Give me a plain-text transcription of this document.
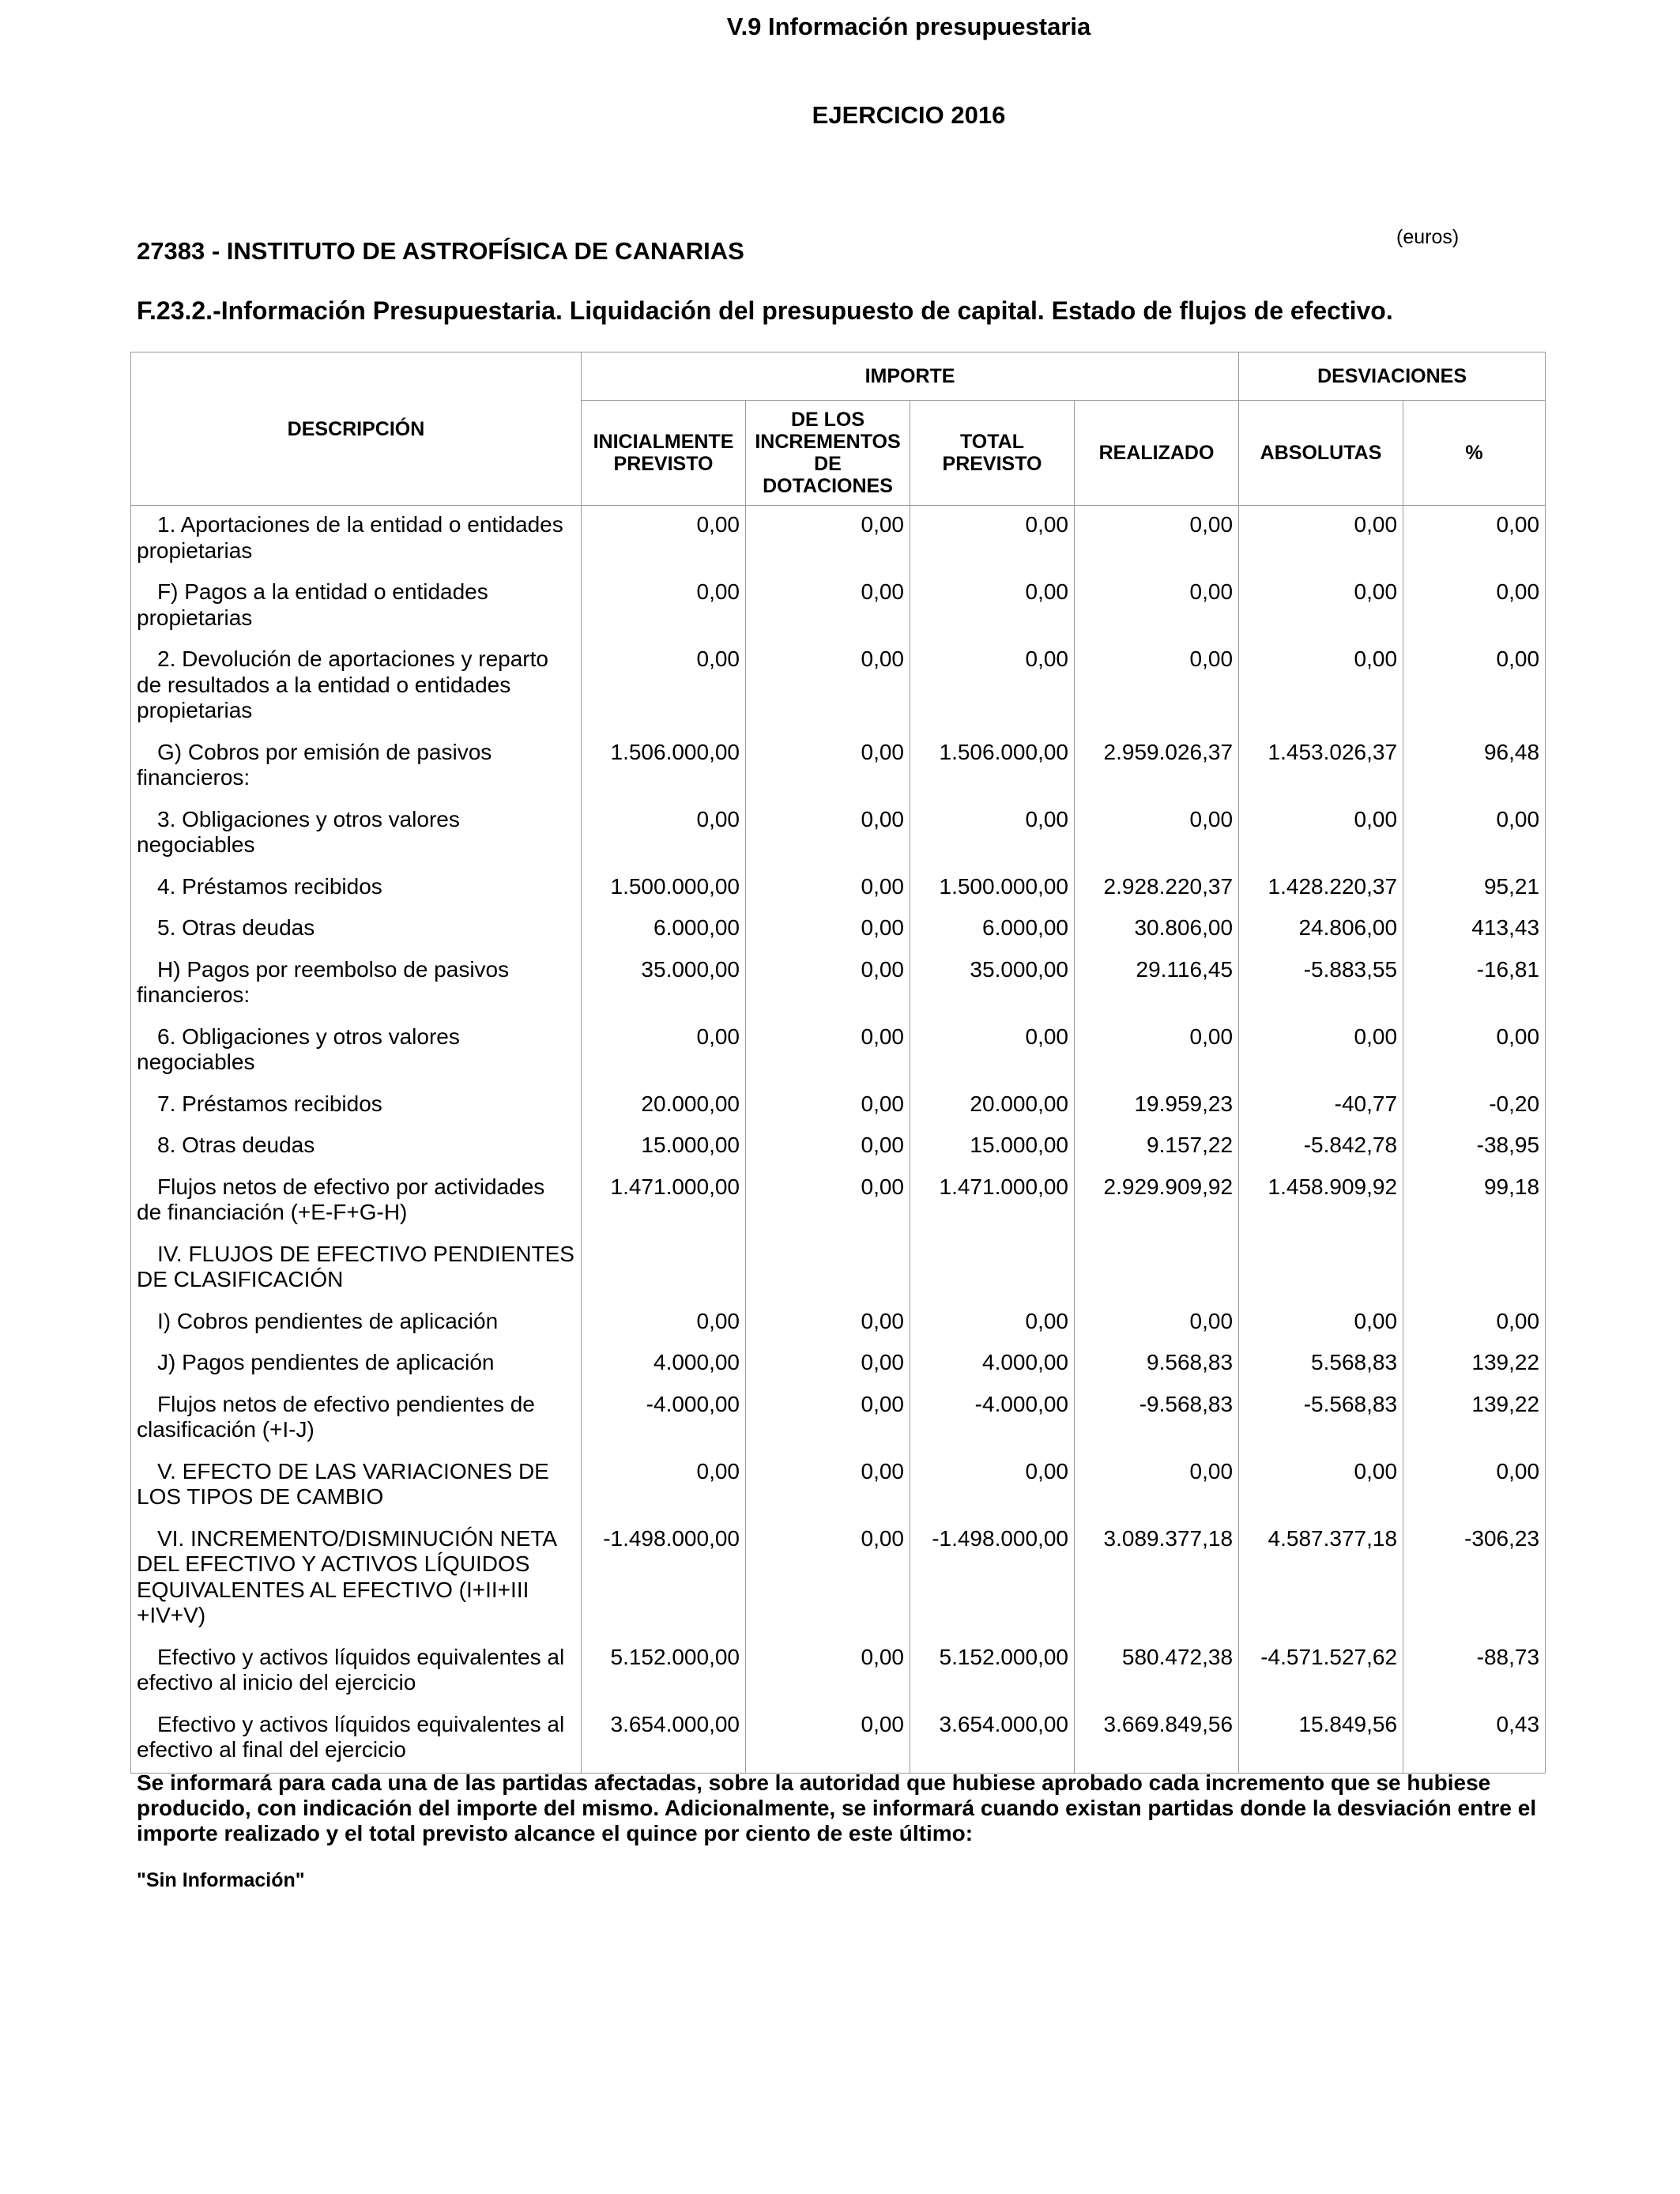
V.9 Información presupuestaria
EJERCICIO 2016
27383 - INSTITUTO DE ASTROFÍSICA DE CANARIAS	(euros)
F.23.2.-Información Presupuestaria. Liquidación del presupuesto de capital. Estado de flujos de efectivo.
DESCRIPCIÓN	IMPORTE				DESVIACIONES	
	INICIALMENTE PREVISTO	DE LOS INCREMENTOS DE DOTACIONES	TOTAL PREVISTO	REALIZADO	ABSOLUTAS	%
1. Aportaciones de la entidad o entidades propietarias	0,00	0,00	0,00	0,00	0,00	0,00
F) Pagos a la entidad o entidades propietarias	0,00	0,00	0,00	0,00	0,00	0,00
2. Devolución de aportaciones y reparto de resultados a la entidad o entidades propietarias	0,00	0,00	0,00	0,00	0,00	0,00
G) Cobros por emisión de pasivos financieros:	1.506.000,00	0,00	1.506.000,00	2.959.026,37	1.453.026,37	96,48
3. Obligaciones y otros valores negociables	0,00	0,00	0,00	0,00	0,00	0,00
4. Préstamos recibidos	1.500.000,00	0,00	1.500.000,00	2.928.220,37	1.428.220,37	95,21
5. Otras deudas	6.000,00	0,00	6.000,00	30.806,00	24.806,00	413,43
H) Pagos por reembolso de pasivos financieros:	35.000,00	0,00	35.000,00	29.116,45	-5.883,55	-16,81
6. Obligaciones y otros valores negociables	0,00	0,00	0,00	0,00	0,00	0,00
7. Préstamos recibidos	20.000,00	0,00	20.000,00	19.959,23	-40,77	-0,20
8. Otras deudas	15.000,00	0,00	15.000,00	9.157,22	-5.842,78	-38,95
Flujos netos de efectivo por actividades de financiación (+E-F+G-H)	1.471.000,00	0,00	1.471.000,00	2.929.909,92	1.458.909,92	99,18
IV. FLUJOS DE EFECTIVO PENDIENTES DE CLASIFICACIÓN						
I) Cobros pendientes de aplicación	0,00	0,00	0,00	0,00	0,00	0,00
J) Pagos pendientes de aplicación	4.000,00	0,00	4.000,00	9.568,83	5.568,83	139,22
Flujos netos de efectivo pendientes de clasificación (+I-J)	-4.000,00	0,00	-4.000,00	-9.568,83	-5.568,83	139,22
V. EFECTO DE LAS VARIACIONES DE LOS TIPOS DE CAMBIO	0,00	0,00	0,00	0,00	0,00	0,00
VI. INCREMENTO/DISMINUCIÓN NETA DEL EFECTIVO Y ACTIVOS LÍQUIDOS EQUIVALENTES AL EFECTIVO (I+II+III +IV+V)	-1.498.000,00	0,00	-1.498.000,00	3.089.377,18	4.587.377,18	-306,23
Efectivo y activos líquidos equivalentes al efectivo al inicio del ejercicio	5.152.000,00	0,00	5.152.000,00	580.472,38	-4.571.527,62	-88,73
Efectivo y activos líquidos equivalentes al efectivo al final del ejercicio	3.654.000,00	0,00	3.654.000,00	3.669.849,56	15.849,56	0,43
Se informará para cada una de las partidas afectadas, sobre la autoridad que hubiese aprobado cada incremento que se hubiese producido, con indicación del importe del mismo. Adicionalmente, se informará cuando existan partidas donde la desviación entre el importe realizado y el total previsto alcance el quince por ciento de este último:
"Sin Información"
